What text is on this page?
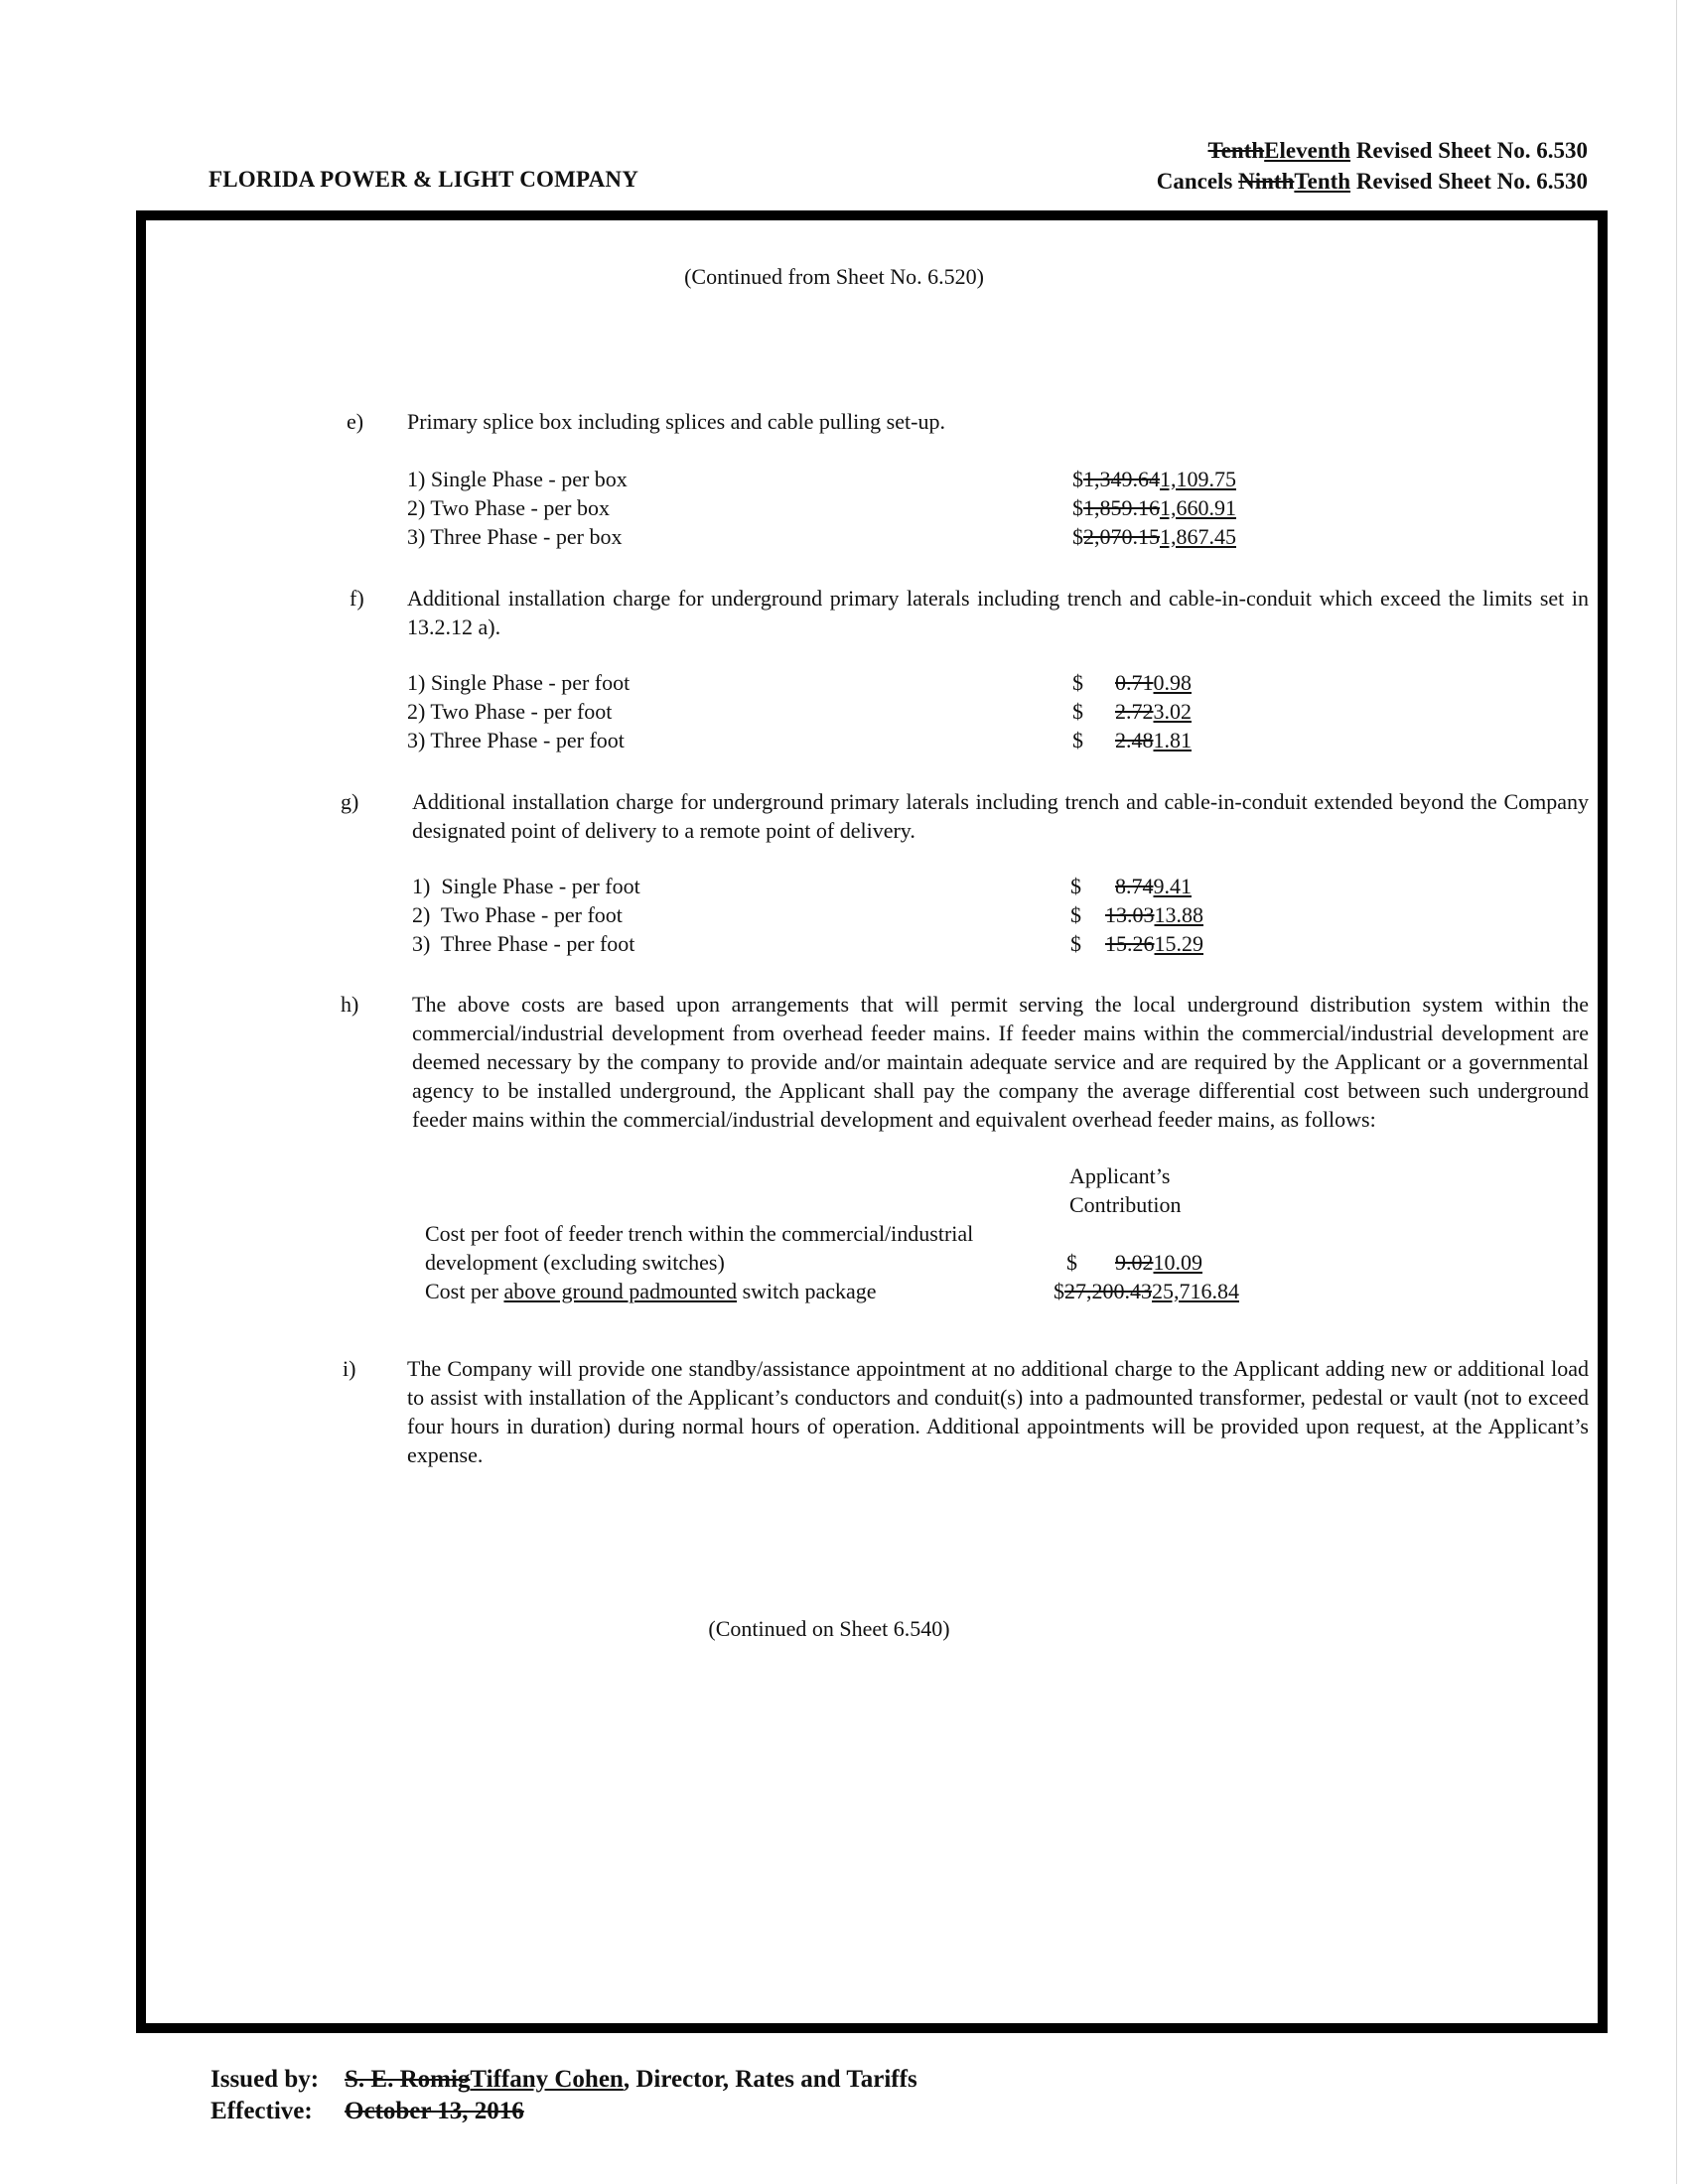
FLORIDA POWER & LIGHT COMPANY
TenthEleventh Revised Sheet No. 6.530
Cancels NinthTenth Revised Sheet No. 6.530
(Continued from Sheet No. 6.520)
e) Primary splice box including splices and cable pulling set-up.
1) Single Phase - per box	$1,349.641,109.75
2) Two Phase - per box	$1,859.161,660.91
3) Three Phase - per box	$2,070.151,867.45
f) Additional installation charge for underground primary laterals including trench and cable-in-conduit which exceed the limits set in 13.2.12 a).
1) Single Phase - per foot	$ 0.710.98
2) Two Phase - per foot	$ 2.723.02
3) Three Phase - per foot	$ 2.481.81
g) Additional installation charge for underground primary laterals including trench and cable-in-conduit extended beyond the Company designated point of delivery to a remote point of delivery.
1)  Single Phase - per foot	$ 8.749.41
2)  Two Phase - per foot	$ 13.0313.88
3)  Three Phase - per foot	$ 15.2615.29
h) The above costs are based upon arrangements that will permit serving the local underground distribution system within the commercial/industrial development from overhead feeder mains. If feeder mains within the commercial/industrial development are deemed necessary by the company to provide and/or maintain adequate service and are required by the Applicant or a governmental agency to be installed underground, the Applicant shall pay the company the average differential cost between such underground feeder mains within the commercial/industrial development and equivalent overhead feeder mains, as follows:
Applicant’s
Contribution
Cost per foot of feeder trench within the commercial/industrial
development (excluding switches)	$ 9.0210.09
Cost per above ground padmounted switch package	$27,200.4325,716.84
i) The Company will provide one standby/assistance appointment at no additional charge to the Applicant adding new or additional load to assist with installation of the Applicant’s conductors and conduit(s) into a padmounted transformer, pedestal or vault (not to exceed four hours in duration) during normal hours of operation. Additional appointments will be provided upon request, at the Applicant’s expense.
(Continued on Sheet 6.540)
Issued by: S. E. RomigTiffany Cohen, Director, Rates and Tariffs
Effective: October 13, 2016
